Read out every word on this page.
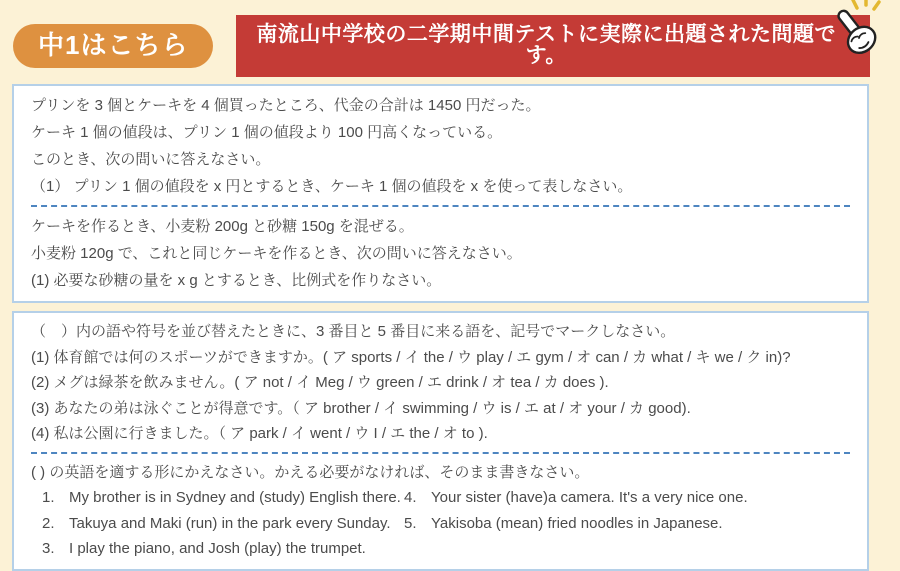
中1はこちら	南流山中学校の二学期中間テストに実際に出題された問題です。
プリンを 3 個とケーキを 4 個買ったところ、代金の合計は 1450 円だった。
ケーキ 1 個の値段は、プリン 1 個の値段より 100 円高くなっている。
このとき、次の問いに答えなさい。
（1） プリン 1 個の値段を x 円とするとき、ケーキ 1 個の値段を x を使って表しなさい。
ケーキを作るとき、小麦粉 200g と砂糖 150g を混ぜる。
小麦粉 120g で、これと同じケーキを作るとき、次の問いに答えなさい。
(1) 必要な砂糖の量を x g とするとき、比例式を作りなさい。
（　）内の語や符号を並び替えたときに、3 番目と 5 番目に来る語を、記号でマークしなさい。
(1) 体育館では何のスポーツができますか。( ア sports / イ the / ウ play / エ gym / オ can / カ what / キ we / ク in)?
(2) メグは緑茶を飲みません。( ア not / イ Meg / ウ green / エ drink / オ tea / カ does ).
(3) あなたの弟は泳ぐことが得意です。（ ア brother / イ swimming / ウ is / エ at / オ your / カ good).
(4) 私は公園に行きました。（ ア park / イ went / ウ I / エ the / オ to ).
( ) の英語を適する形にかえなさい。かえる必要がなければ、そのまま書きなさい。
1. My brother is in Sydney and (study) English there.
2. Takuya and Maki (run) in the park every Sunday.
3. I play the piano, and Josh (play) the trumpet.
4. Your sister (have)a camera. It's a very nice one.
5. Yakisoba (mean) fried noodles in Japanese.
